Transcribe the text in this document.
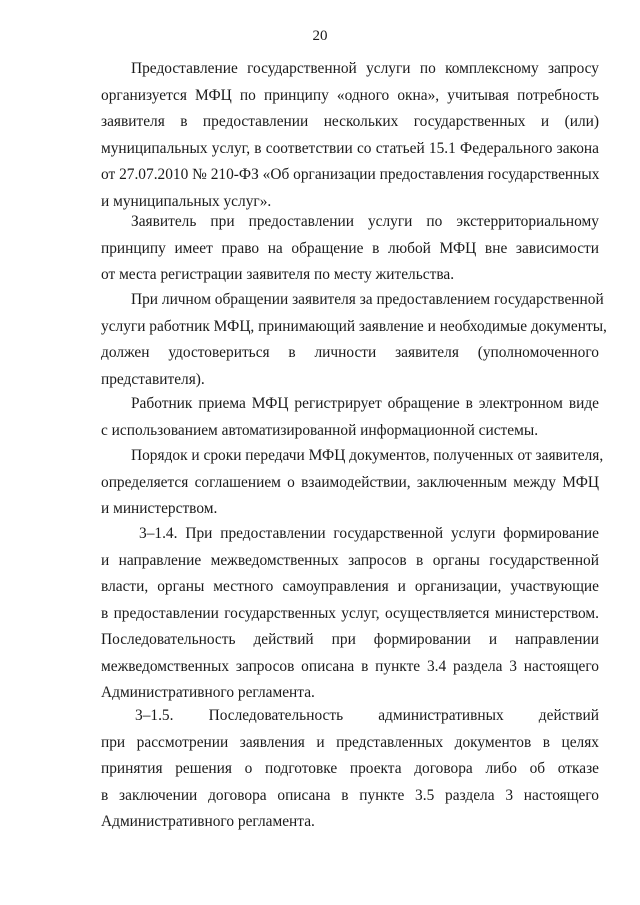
20
Предоставление государственной услуги по комплексному запросу
организуется МФЦ по принципу «одного окна», учитывая потребность
заявителя в предоставлении нескольких государственных и (или)
муниципальных услуг, в соответствии со статьей 15.1 Федерального закона
от 27.07.2010 № 210-ФЗ «Об организации предоставления государственных
и муниципальных услуг».
Заявитель при предоставлении услуги по экстерриториальному
принципу имеет право на обращение в любой МФЦ вне зависимости
от места регистрации заявителя по месту жительства.
При личном обращении заявителя за предоставлением государственной
услуги работник МФЦ, принимающий заявление и необходимые документы,
должен удостовериться в личности заявителя (уполномоченного
представителя).
Работник приема МФЦ регистрирует обращение в электронном виде
с использованием автоматизированной информационной системы.
Порядок и сроки передачи МФЦ документов, полученных от заявителя,
определяется соглашением о взаимодействии, заключенным между МФЦ
и министерством.
3–1.4. При предоставлении государственной услуги формирование
и направление межведомственных запросов в органы государственной
власти, органы местного самоуправления и организации, участвующие
в предоставлении государственных услуг, осуществляется министерством.
Последовательность действий при формировании и направлении
межведомственных запросов описана в пункте 3.4 раздела 3 настоящего
Административного регламента.
3–1.5. Последовательность административных действий
при рассмотрении заявления и представленных документов в целях
принятия решения о подготовке проекта договора либо об отказе
в заключении договора описана в пункте 3.5 раздела 3 настоящего
Административного регламента.
